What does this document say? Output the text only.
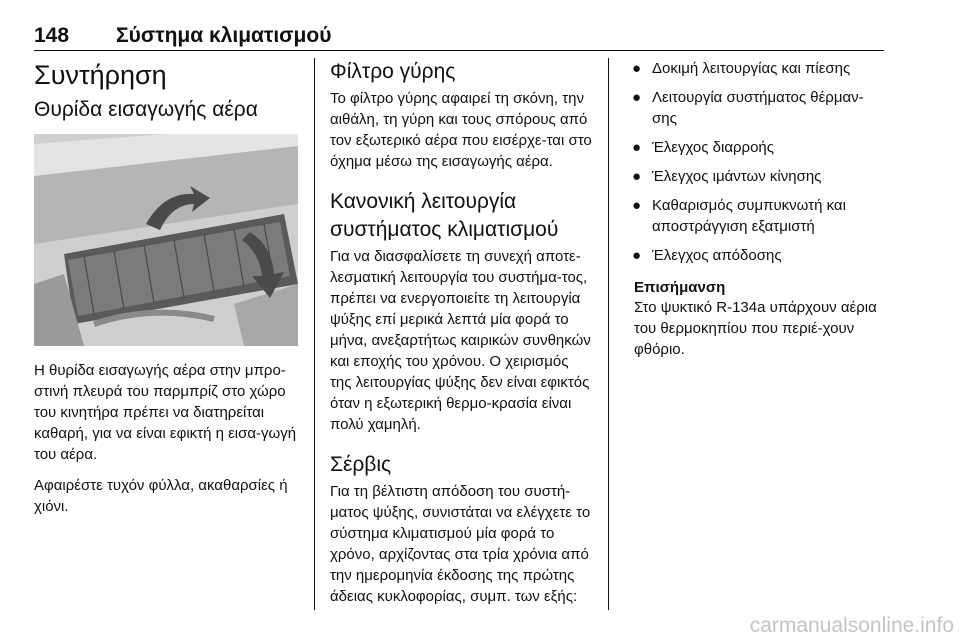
148 Σύστημα κλιματισμού
Συντήρηση
Θυρίδα εισαγωγής αέρα

Η θυρίδα εισαγωγής αέρα στην μπρο-στινή πλευρά του παρμπρίζ στο χώρο του κινητήρα πρέπει να διατηρείται καθαρή, για να είναι εφικτή η εισα-γωγή του αέρα.

Αφαιρέστε τυχόν φύλλα, ακαθαρσίες ή χιόνι.

Φίλτρο γύρης

Το φίλτρο γύρης αφαιρεί τη σκόνη, την αιθάλη, τη γύρη και τους σπόρους από τον εξωτερικό αέρα που εισέρχε-ται στο όχημα μέσω της εισαγωγής αέρα.

Κανονική λειτουργία συστήματος κλιματισμού

Για να διασφαλίσετε τη συνεχή αποτε-λεσματική λειτουργία του συστήμα-τος, πρέπει να ενεργοποιείτε τη λειτουργία ψύξης επί μερικά λεπτά μία φορά το μήνα, ανεξαρτήτως καιρικών συνθηκών και εποχής του χρόνου. Ο χειρισμός της λειτουργίας ψύξης δεν είναι εφικτός όταν η εξωτερική θερμο-κρασία είναι πολύ χαμηλή.

Σέρβις

Για τη βέλτιστη απόδοση του συστή-ματος ψύξης, συνιστάται να ελέγχετε το σύστημα κλιματισμού μία φορά το χρόνο, αρχίζοντας στα τρία χρόνια από την ημερομηνία έκδοσης της πρώτης άδειας κυκλοφορίας, συμπ. των εξής:

● Δοκιμή λειτουργίας και πίεσης
● Λειτουργία συστήματος θέρμαν-σης
● Έλεγχος διαρροής
● Έλεγχος ιμάντων κίνησης
● Καθαρισμός συμπυκνωτή και αποστράγγιση εξατμιστή
● Έλεγχος απόδοσης
Επισήμανση
Στο ψυκτικό R-134a υπάρχουν αέρια του θερμοκηπίου που περιέ-χουν φθόριο.
carmanualsonline.info
